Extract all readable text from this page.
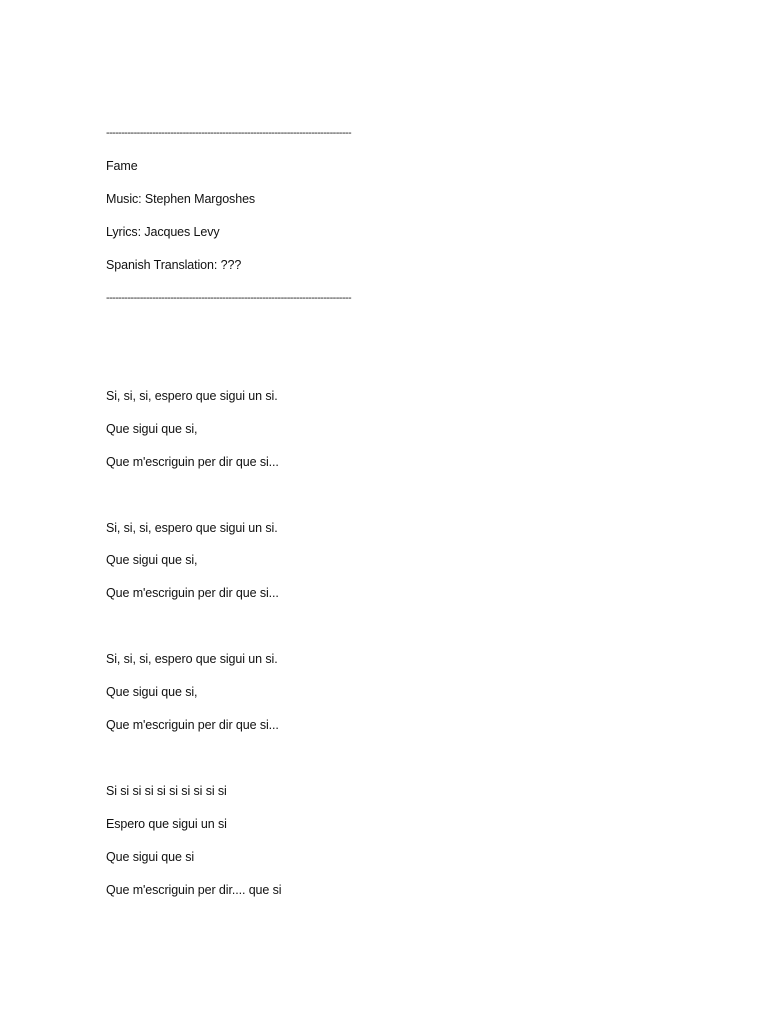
--------------------------------------------------------------------------------
Fame
Music: Stephen Margoshes
Lyrics: Jacques Levy
Spanish Translation: ???
--------------------------------------------------------------------------------
Si, si, si, espero que sigui un si.
Que sigui que si,
Que m'escriguin per dir que si...
Si, si, si, espero que sigui un si.
Que sigui que si,
Que m'escriguin per dir que si...
Si, si, si, espero que sigui un si.
Que sigui que si,
Que m'escriguin per dir que si...
Si si si si si si si si si si
Espero que sigui un si
Que sigui que si
Que m'escriguin per dir.... que si
